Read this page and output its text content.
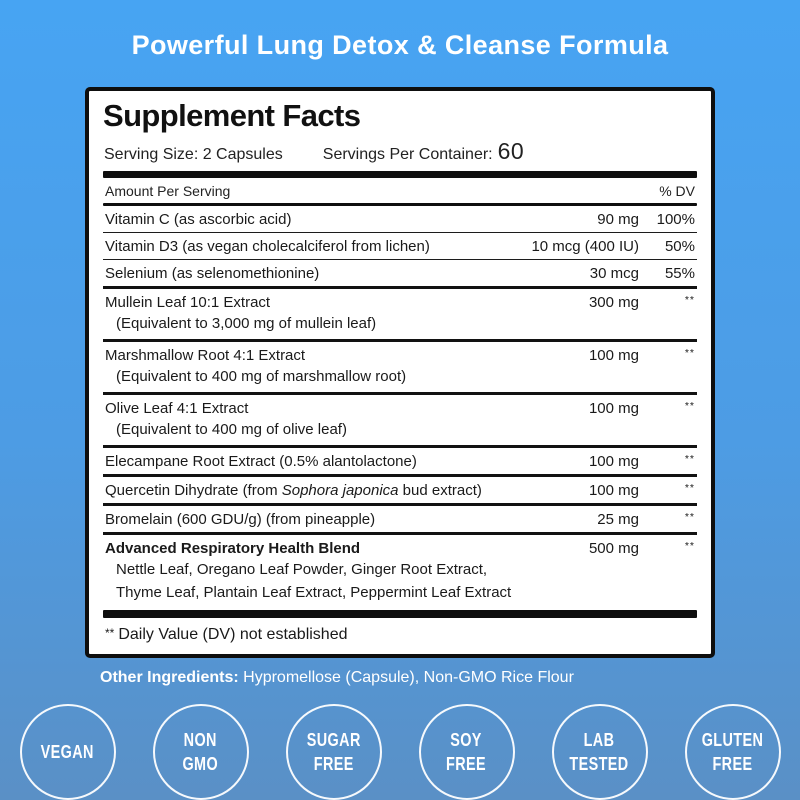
Powerful Lung Detox & Cleanse Formula
Supplement Facts
Serving Size: 2 Capsules	Servings Per Container: 60
Amount Per Serving	% DV
Vitamin C (as ascorbic acid)	90 mg	100%
Vitamin D3 (as vegan cholecalciferol from lichen)	10 mcg (400 IU)	50%
Selenium (as selenomethionine)	30 mcg	55%
Mullein Leaf 10:1 Extract	300 mg	**
(Equivalent to 3,000 mg of mullein leaf)
Marshmallow Root 4:1 Extract	100 mg	**
(Equivalent to 400 mg of marshmallow root)
Olive Leaf 4:1 Extract	100 mg	**
(Equivalent to 400 mg of olive leaf)
Elecampane Root Extract (0.5% alantolactone)	100 mg	**
Quercetin Dihydrate (from Sophora japonica bud extract)	100 mg	**
Bromelain (600 GDU/g) (from pineapple)	25 mg	**
Advanced Respiratory Health Blend	500 mg	**
Nettle Leaf, Oregano Leaf Powder, Ginger Root Extract,
Thyme Leaf, Plantain Leaf Extract, Peppermint Leaf Extract
** Daily Value (DV) not established
Other Ingredients: Hypromellose (Capsule), Non-GMO Rice Flour
VEGAN
NON
GMO
SUGAR
FREE
SOY
FREE
LAB
TESTED
GLUTEN
FREE
